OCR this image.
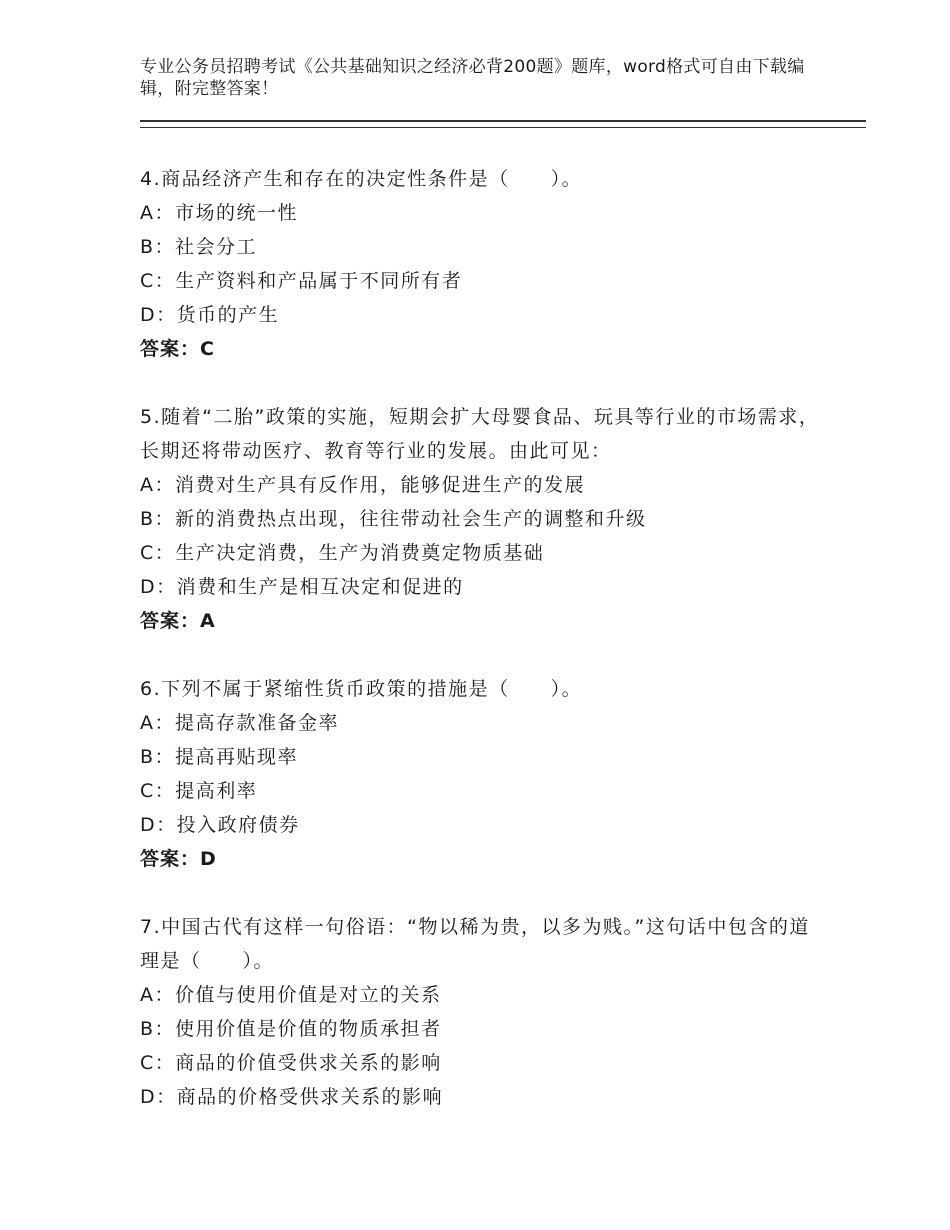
专业公务员招聘考试《公共基础知识之经济必背200题》题库，word格式可自由下载编辑，附完整答案！
4.商品经济产生和存在的决定性条件是（　　）。
A：市场的统一性
B：社会分工
C：生产资料和产品属于不同所有者
D：货币的产生
答案：C
5.随着“二胎”政策的实施，短期会扩大母婴食品、玩具等行业的市场需求，长期还将带动医疗、教育等行业的发展。由此可见：
A：消费对生产具有反作用，能够促进生产的发展
B：新的消费热点出现，往往带动社会生产的调整和升级
C：生产决定消费，生产为消费奠定物质基础
D：消费和生产是相互决定和促进的
答案：A
6.下列不属于紧缩性货币政策的措施是（　　）。
A：提高存款准备金率
B：提高再贴现率
C：提高利率
D：投入政府债券
答案：D
7.中国古代有这样一句俗语：“物以稀为贵，以多为贱。”这句话中包含的道理是（　　）。
A：价值与使用价值是对立的关系
B：使用价值是价值的物质承担者
C：商品的价值受供求关系的影响
D：商品的价格受供求关系的影响
